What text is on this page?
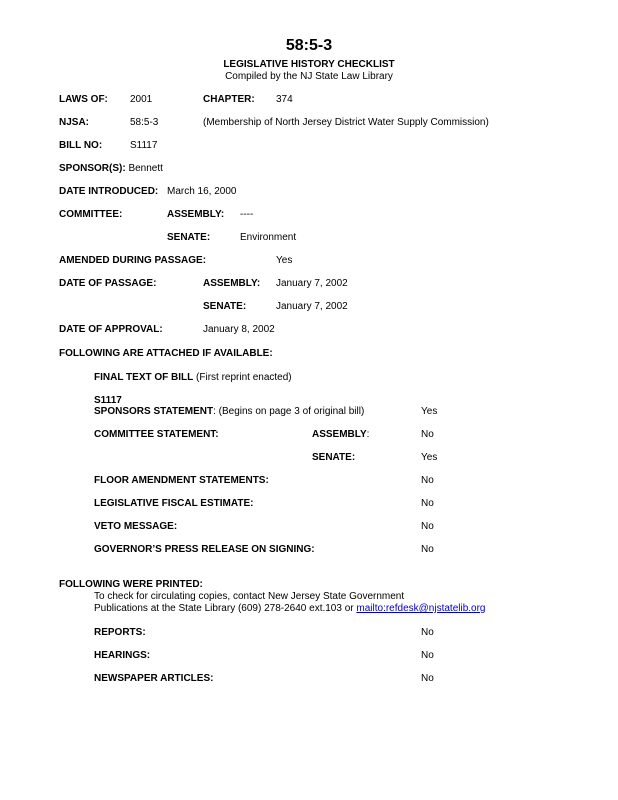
58:5-3
LEGISLATIVE HISTORY CHECKLIST
Compiled by the NJ State Law Library
LAWS OF: 2001	CHAPTER: 374
NJSA:	58:5-3	(Membership of North Jersey District Water Supply Commission)
BILL NO:	S1117
SPONSOR(S): Bennett
DATE INTRODUCED: March 16, 2000
COMMITTEE:	ASSEMBLY: ----
SENATE:	Environment
AMENDED DURING PASSAGE:	Yes
DATE OF PASSAGE:	ASSEMBLY: January 7, 2002
SENATE:	January 7, 2002
DATE OF APPROVAL:	January 8, 2002
FOLLOWING ARE ATTACHED IF AVAILABLE:
FINAL TEXT OF BILL (First reprint enacted)
S1117
SPONSORS STATEMENT: (Begins on page 3 of original bill)	Yes
COMMITTEE STATEMENT:	ASSEMBLY:	No
SENATE:	Yes
FLOOR AMENDMENT STATEMENTS:	No
LEGISLATIVE FISCAL ESTIMATE:	No
VETO MESSAGE:	No
GOVERNOR’S PRESS RELEASE ON SIGNING:	No
FOLLOWING WERE PRINTED:
To check for circulating copies, contact New Jersey State Government
Publications at the State Library (609) 278-2640 ext.103 or mailto:refdesk@njstatelib.org
REPORTS:	No
HEARINGS:	No
NEWSPAPER ARTICLES:	No
